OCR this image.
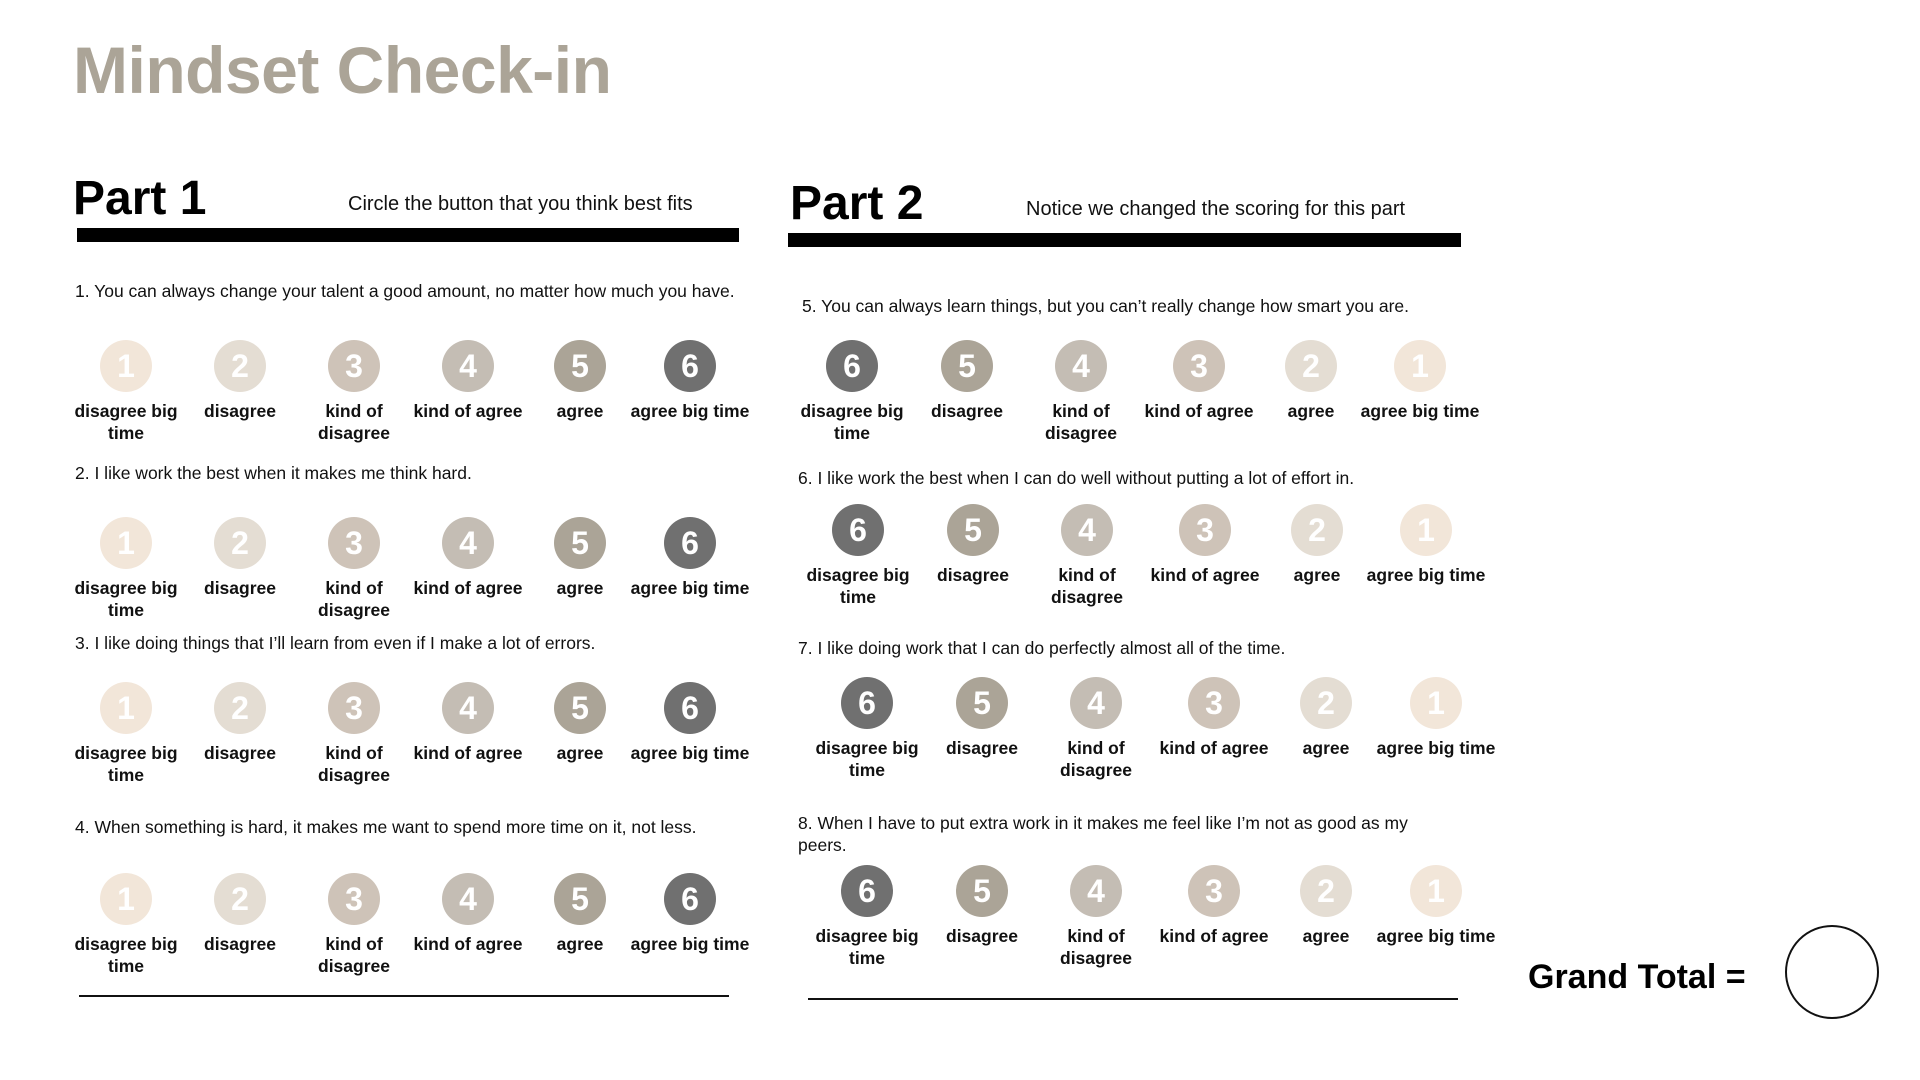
Mindset Check-in
Part 1	Circle the button that you think best fits
1. You can always change your talent a good amount, no matter how much you have.
1
disagree big time
2
disagree
3
kind of disagree
4
kind of agree
5
agree
6
agree big time
2. I like work the best when it makes me think hard.
1
disagree big time
2
disagree
3
kind of disagree
4
kind of agree
5
agree
6
agree big time
3. I like doing things that I’ll learn from even if I make a lot of errors.
1
disagree big time
2
disagree
3
kind of disagree
4
kind of agree
5
agree
6
agree big time
4. When something is hard, it makes me want to spend more time on it, not less.
1
disagree big time
2
disagree
3
kind of disagree
4
kind of agree
5
agree
6
agree big time
Part 2	Notice we changed the scoring for this part
5. You can always learn things, but you can’t really change how smart you are.
6
disagree big time
5
disagree
4
kind of disagree
3
kind of agree
2
agree
1
agree big time
6. I like work the best when I can do well without putting a lot of effort in.
6
disagree big time
5
disagree
4
kind of disagree
3
kind of agree
2
agree
1
agree big time
7. I like doing work that I can do perfectly almost all of the time.
6
disagree big time
5
disagree
4
kind of disagree
3
kind of agree
2
agree
1
agree big time
8. When I have to put extra work in it makes me feel like I’m not as good as my peers.
6
disagree big time
5
disagree
4
kind of disagree
3
kind of agree
2
agree
1
agree big time
Grand Total =
